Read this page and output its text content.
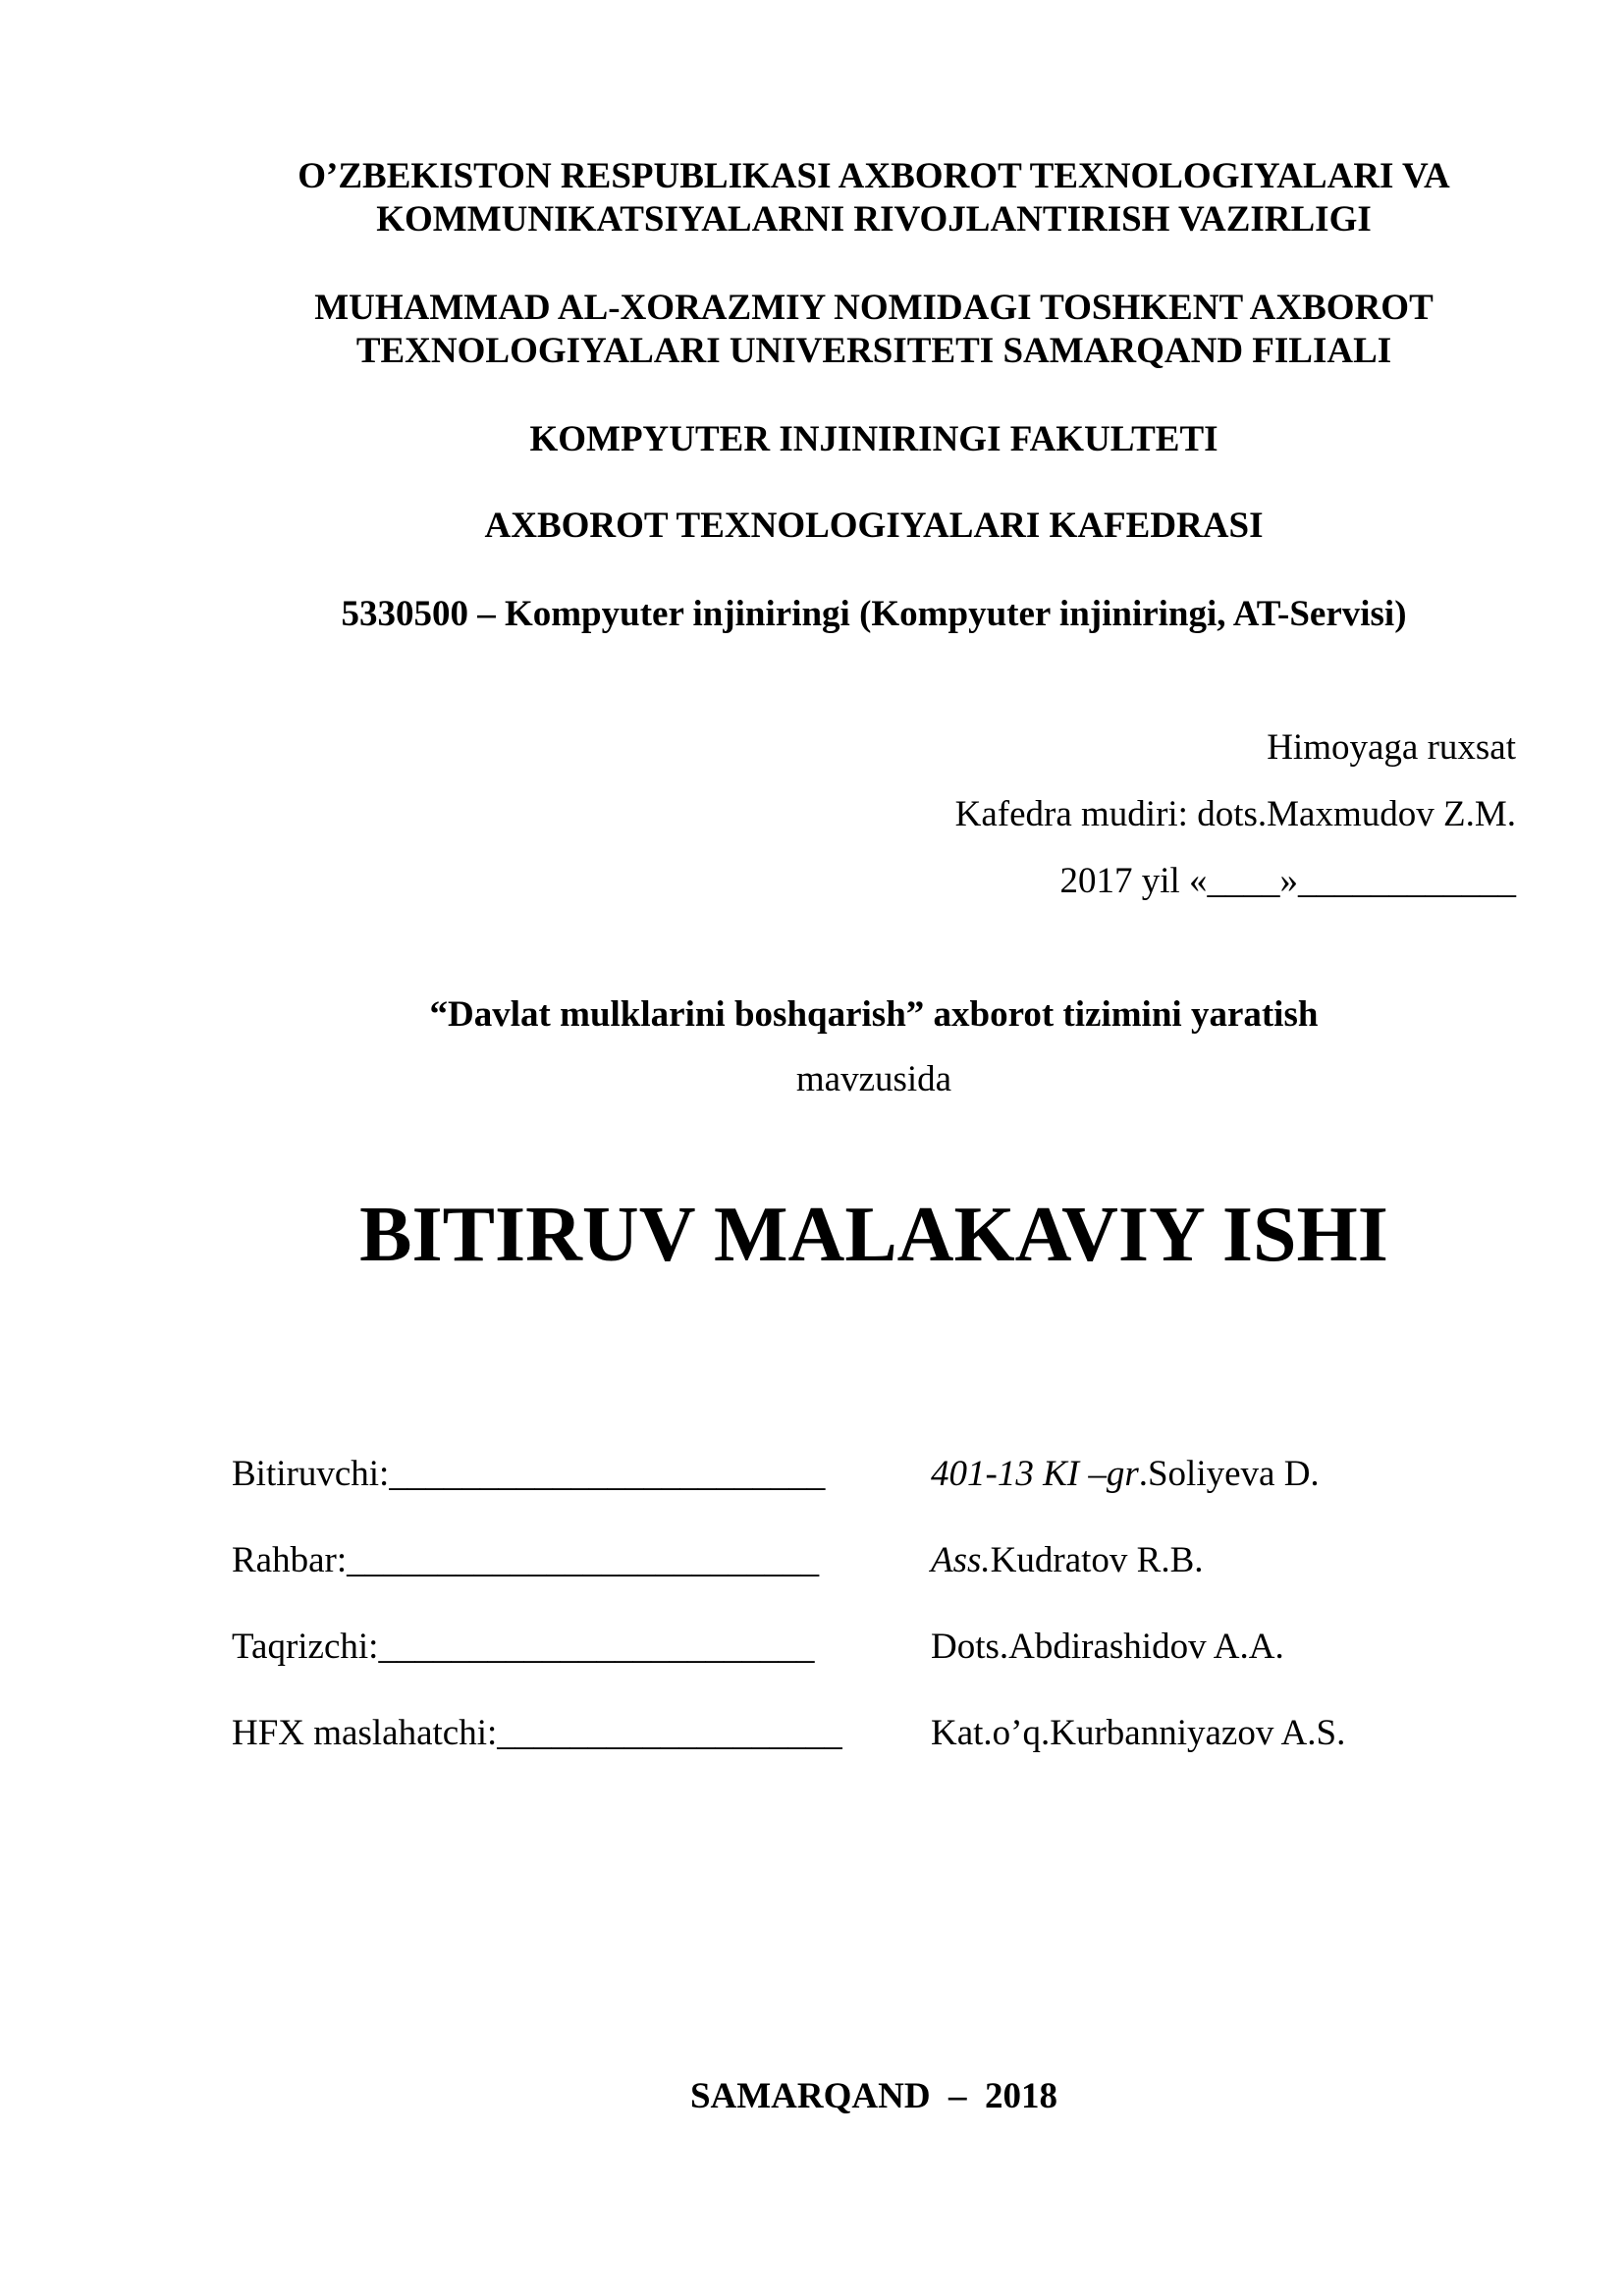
O’ZBEKISTON RESPUBLIKASI AXBOROT TEXNOLOGIYALARI VA
KOMMUNIKATSIYALARNI RIVOJLANTIRISH VAZIRLIGI
MUHAMMAD AL-XORAZMIY NOMIDAGI TOSHKENT AXBOROT
TEXNOLOGIYALARI UNIVERSITETI SAMARQAND FILIALI
KOMPYUTER INJINIRINGI FAKULTETI
AXBOROT TEXNOLOGIYALARI KAFEDRASI
5330500 – Kompyuter injiniringi (Kompyuter injiniringi, AT-Servisi)
Himoyaga ruxsat
Kafedra mudiri: dots.Maxmudov Z.M.
2017 yil «____»____________
“Davlat mulklarini boshqarish” axborot tizimini yaratish
mavzusida
BITIRUV MALAKAVIY ISHI
Bitiruvchi:________________________	401-13 KI –gr.Soliyeva D.
Rahbar:__________________________	Ass.Kudratov R.B.
Taqrizchi:________________________	Dots.Abdirashidov A.A.
HFX maslahatchi:___________________ Kat.o’q.Kurbanniyazov A.S.
SAMARQAND  –  2018
